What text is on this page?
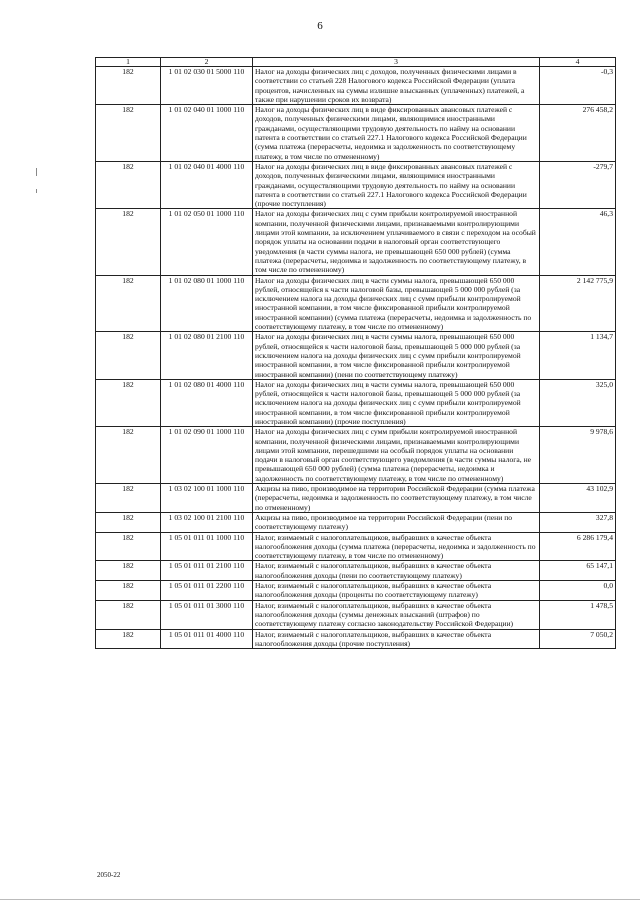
6
1	2	3	4
182	1 01 02 030 01 5000 110	Налог на доходы физических лиц с доходов, полученных физическими лицами в соответствии со статьей 228 Налогового кодекса Российской Федерации (уплата процентов, начисленных на суммы излишне взысканных (уплаченных) платежей, а также при нарушении сроков их возврата)	-0,3
182	1 01 02 040 01 1000 110	Налог на доходы физических лиц в виде фиксированных авансовых платежей с доходов, полученных физическими лицами, являющимися иностранными гражданами, осуществляющими трудовую деятельность по найму на основании патента в соответствии со статьей 227.1 Налогового кодекса Российской Федерации (сумма платежа (перерасчеты, недоимка и задолженность по соответствующему платежу, в том числе по отмененному)	276 458,2
182	1 01 02 040 01 4000 110	Налог на доходы физических лиц в виде фиксированных авансовых платежей с доходов, полученных физическими лицами, являющимися иностранными гражданами, осуществляющими трудовую деятельность по найму на основании патента в соответствии со статьей 227.1 Налогового кодекса Российской Федерации (прочие поступления)	-279,7
182	1 01 02 050 01 1000 110	Налог на доходы физических лиц с сумм прибыли контролируемой иностранной компании, полученной физическими лицами, признаваемыми контролирующими лицами этой компании, за исключением уплачиваемого в связи с переходом на особый порядок уплаты на основании подачи в налоговый орган соответствующего уведомления (в части суммы налога, не превышающей 650 000 рублей) (сумма платежа (перерасчеты, недоимка и задолженность по соответствующему платежу, в том числе по отмененному)	46,3
182	1 01 02 080 01 1000 110	Налог на доходы физических лиц в части суммы налога, превышающей 650 000 рублей, относящейся к части налоговой базы, превышающей 5 000 000 рублей (за исключением налога на доходы физических лиц с сумм прибыли контролируемой иностранной компании, в том числе фиксированной прибыли контролируемой иностранной компании) (сумма платежа (перерасчеты, недоимка и задолженность по соответствующему платежу, в том числе по отмененному)	2 142 775,9
182	1 01 02 080 01 2100 110	Налог на доходы физических лиц в части суммы налога, превышающей 650 000 рублей, относящейся к части налоговой базы, превышающей 5 000 000 рублей (за исключением налога на доходы физических лиц с сумм прибыли контролируемой иностранной компании, в том числе фиксированной прибыли контролируемой иностранной компании) (пени по соответствующему платежу)	1 134,7
182	1 01 02 080 01 4000 110	Налог на доходы физических лиц в части суммы налога, превышающей 650 000 рублей, относящейся к части налоговой базы, превышающей 5 000 000 рублей (за исключением налога на доходы физических лиц с сумм прибыли контролируемой иностранной компании, в том числе фиксированной прибыли контролируемой иностранной компании) (прочие поступления)	325,0
182	1 01 02 090 01 1000 110	Налог на доходы физических лиц с сумм прибыли контролируемой иностранной компании, полученной физическими лицами, признаваемыми контролирующими лицами этой компании, перешедшими на особый порядок уплаты на основании подачи в налоговый орган соответствующего уведомления (в части суммы налога, не превышающей 650 000 рублей) (сумма платежа (перерасчеты, недоимка и задолженность по соответствующему платежу, в том числе по отмененному)	9 978,6
182	1 03 02 100 01 1000 110	Акцизы на пиво, производимое на территории Российской Федерации (сумма платежа (перерасчеты, недоимка и задолженность по соответствующему платежу, в том числе по отмененному)	43 102,9
182	1 03 02 100 01 2100 110	Акцизы на пиво, производимое на территории Российской Федерации (пени по соответствующему платежу)	327,8
182	1 05 01 011 01 1000 110	Налог, взимаемый с налогоплательщиков, выбравших в качестве объекта налогообложения доходы (сумма платежа (перерасчеты, недоимка и задолженность по соответствующему платежу, в том числе по отмененному)	6 286 179,4
182	1 05 01 011 01 2100 110	Налог, взимаемый с налогоплательщиков, выбравших в качестве объекта налогообложения доходы (пени по соответствующему платежу)	65 147,1
182	1 05 01 011 01 2200 110	Налог, взимаемый с налогоплательщиков, выбравших в качестве объекта налогообложения доходы (проценты по соответствующему платежу)	0,0
182	1 05 01 011 01 3000 110	Налог, взимаемый с налогоплательщиков, выбравших в качестве объекта налогообложения доходы (суммы денежных взысканий (штрафов) по соответствующему платежу согласно законодательству Российской Федерации)	1 478,5
182	1 05 01 011 01 4000 110	Налог, взимаемый с налогоплательщиков, выбравших в качестве объекта налогообложения доходы (прочие поступления)	7 050,2
2050-22
